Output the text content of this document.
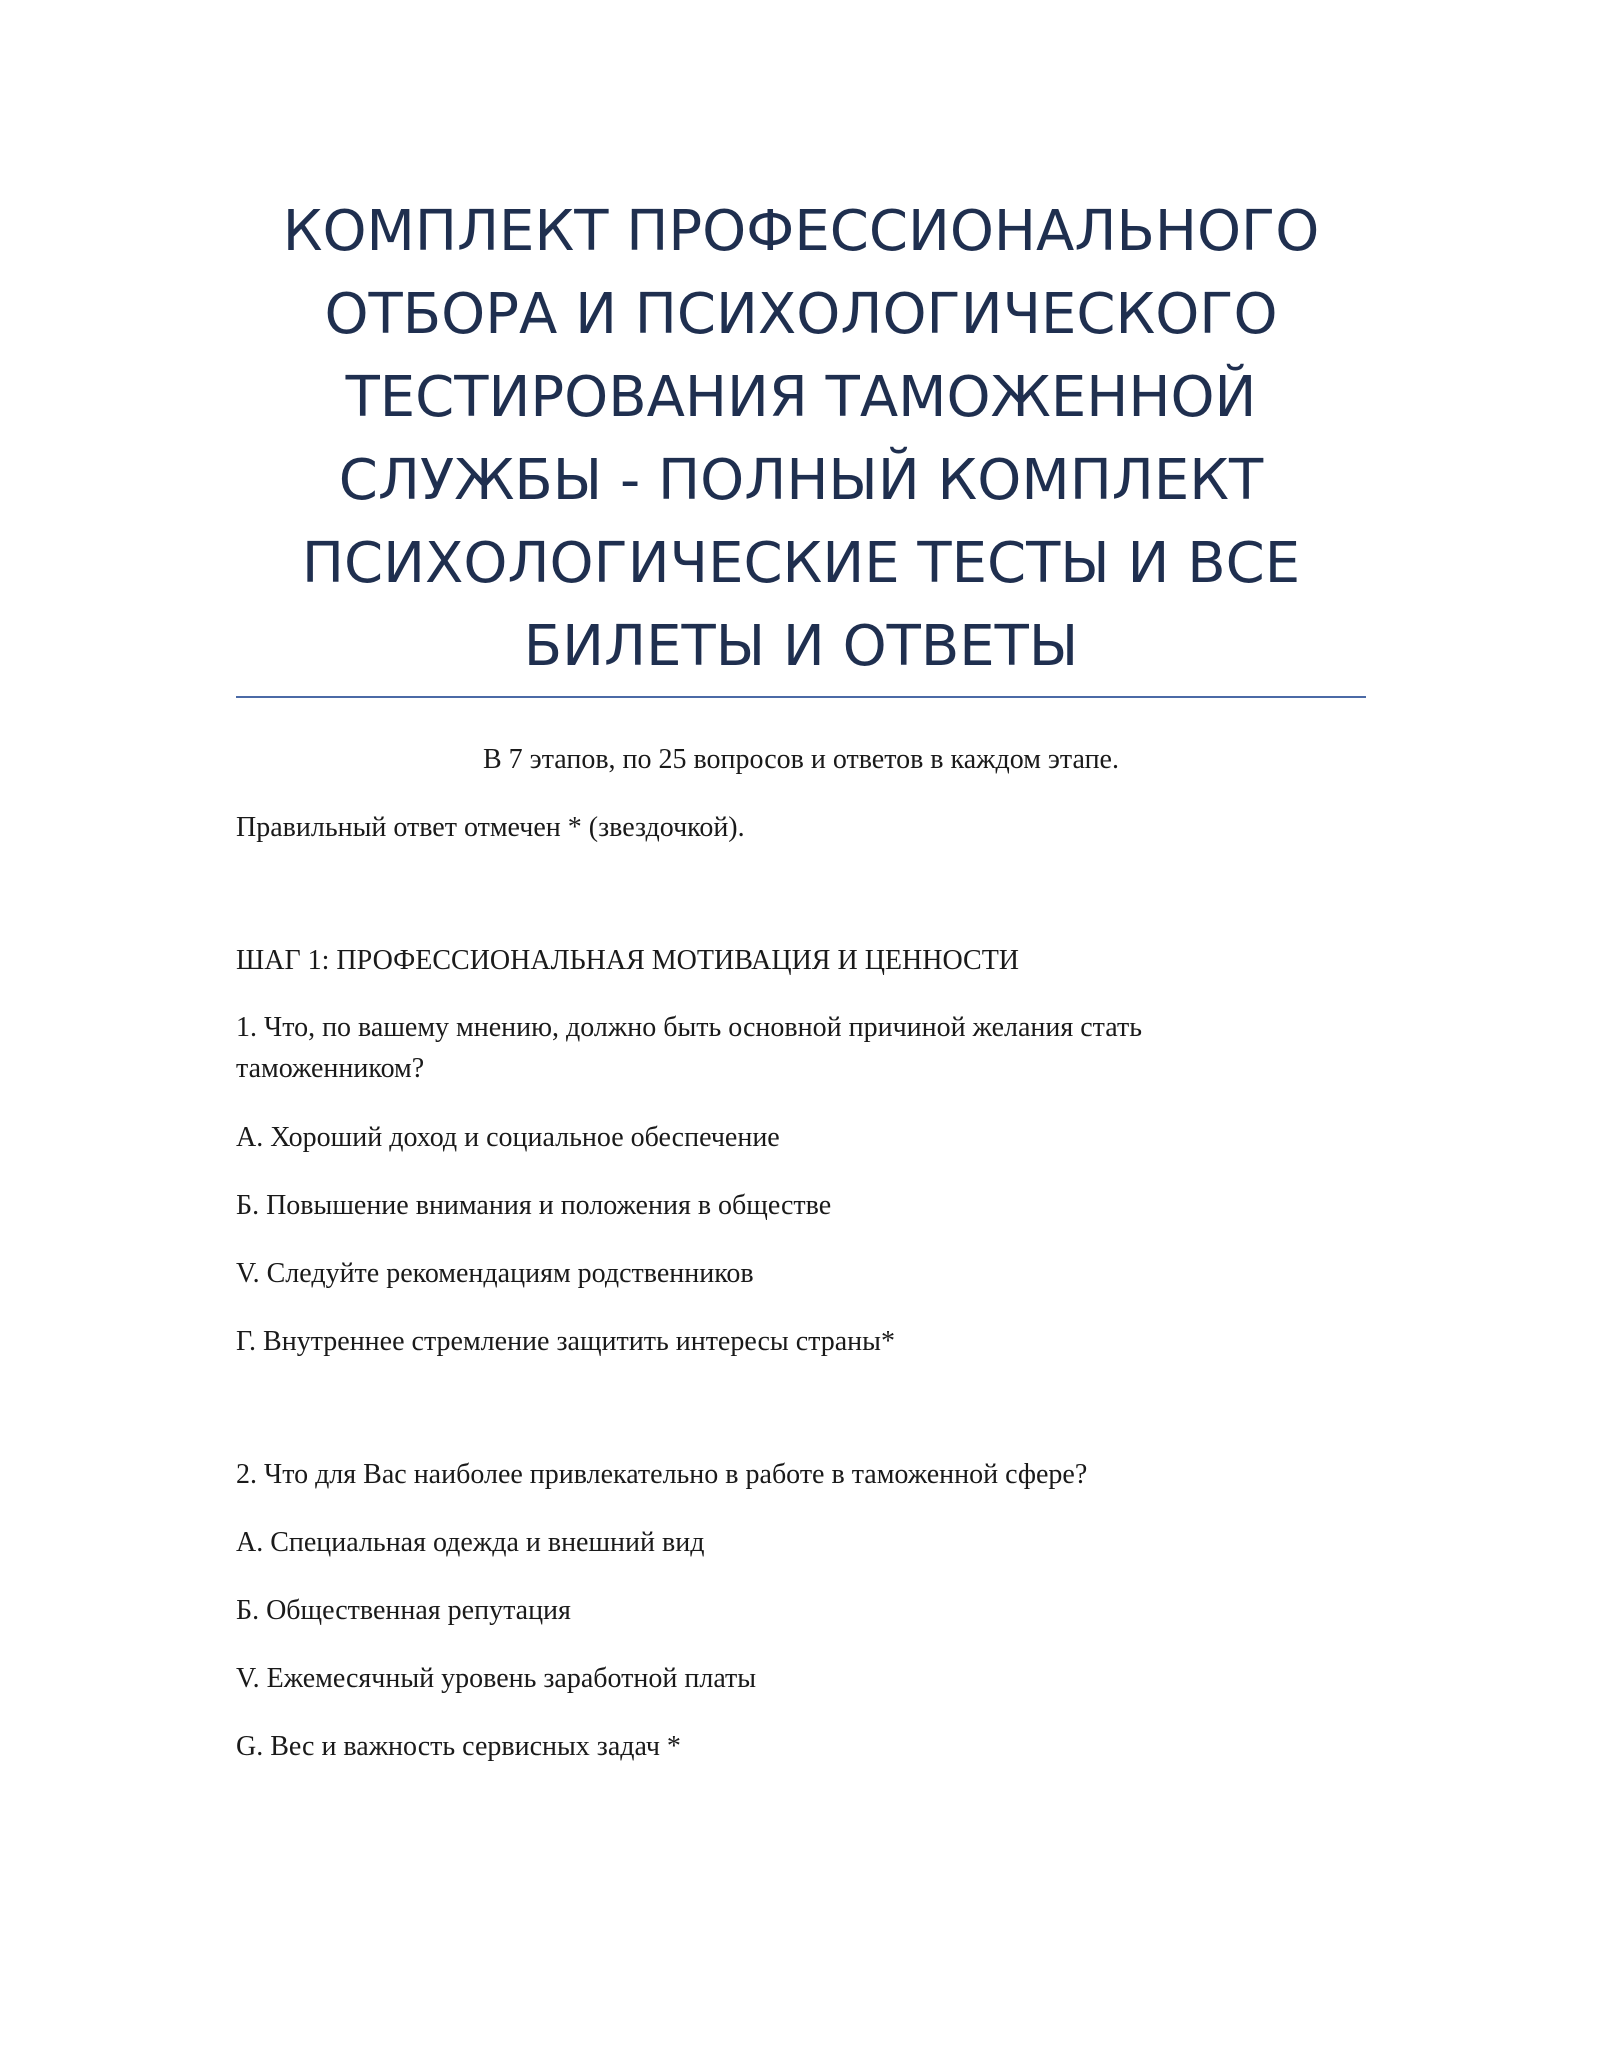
КОМПЛЕКТ ПРОФЕССИОНАЛЬНОГО
ОТБОРА И ПСИХОЛОГИЧЕСКОГО
ТЕСТИРОВАНИЯ ТАМОЖЕННОЙ
СЛУЖБЫ - ПОЛНЫЙ КОМПЛЕКТ
ПСИХОЛОГИЧЕСКИЕ ТЕСТЫ И ВСЕ
БИЛЕТЫ И ОТВЕТЫ
В 7 этапов, по 25 вопросов и ответов в каждом этапе.
Правильный ответ отмечен * (звездочкой).
ШАГ 1: ПРОФЕССИОНАЛЬНАЯ МОТИВАЦИЯ И ЦЕННОСТИ
1. Что, по вашему мнению, должно быть основной причиной желания стать
таможенником?
А. Хороший доход и социальное обеспечение
Б. Повышение внимания и положения в обществе
V. Следуйте рекомендациям родственников
Г. Внутреннее стремление защитить интересы страны*
2. Что для Вас наиболее привлекательно в работе в таможенной сфере?
А. Специальная одежда и внешний вид
Б. Общественная репутация
V. Ежемесячный уровень заработной платы
G. Вес и важность сервисных задач *
